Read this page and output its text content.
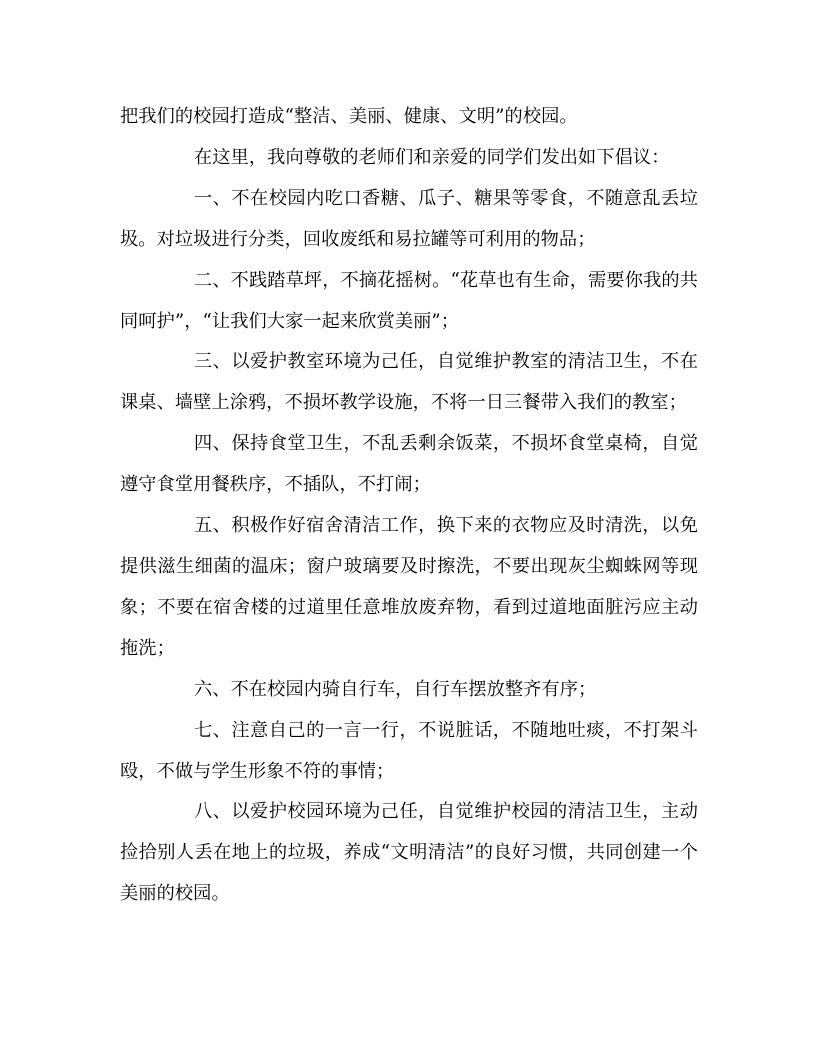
把我们的校园打造成“整洁、美丽、健康、文明”的校园。

在这里，我向尊敬的老师们和亲爱的同学们发出如下倡议：

一、不在校园内吃口香糖、瓜子、糖果等零食，不随意乱丢垃圾。对垃圾进行分类，回收废纸和易拉罐等可利用的物品；

二、不践踏草坪，不摘花摇树。“花草也有生命，需要你我的共同呵护”，“让我们大家一起来欣赏美丽”；

三、以爱护教室环境为己任，自觉维护教室的清洁卫生，不在课桌、墙壁上涂鸦，不损坏教学设施，不将一日三餐带入我们的教室；

四、保持食堂卫生，不乱丢剩余饭菜，不损坏食堂桌椅，自觉遵守食堂用餐秩序，不插队，不打闹；

五、积极作好宿舍清洁工作，换下来的衣物应及时清洗，以免提供滋生细菌的温床；窗户玻璃要及时擦洗，不要出现灰尘蜘蛛网等现象；不要在宿舍楼的过道里任意堆放废弃物，看到过道地面脏污应主动拖洗；

六、不在校园内骑自行车，自行车摆放整齐有序；

七、注意自己的一言一行，不说脏话，不随地吐痰，不打架斗殴，不做与学生形象不符的事情；

八、以爱护校园环境为己任，自觉维护校园的清洁卫生，主动捡拾别人丢在地上的垃圾，养成“文明清洁”的良好习惯，共同创建一个美丽的校园。
